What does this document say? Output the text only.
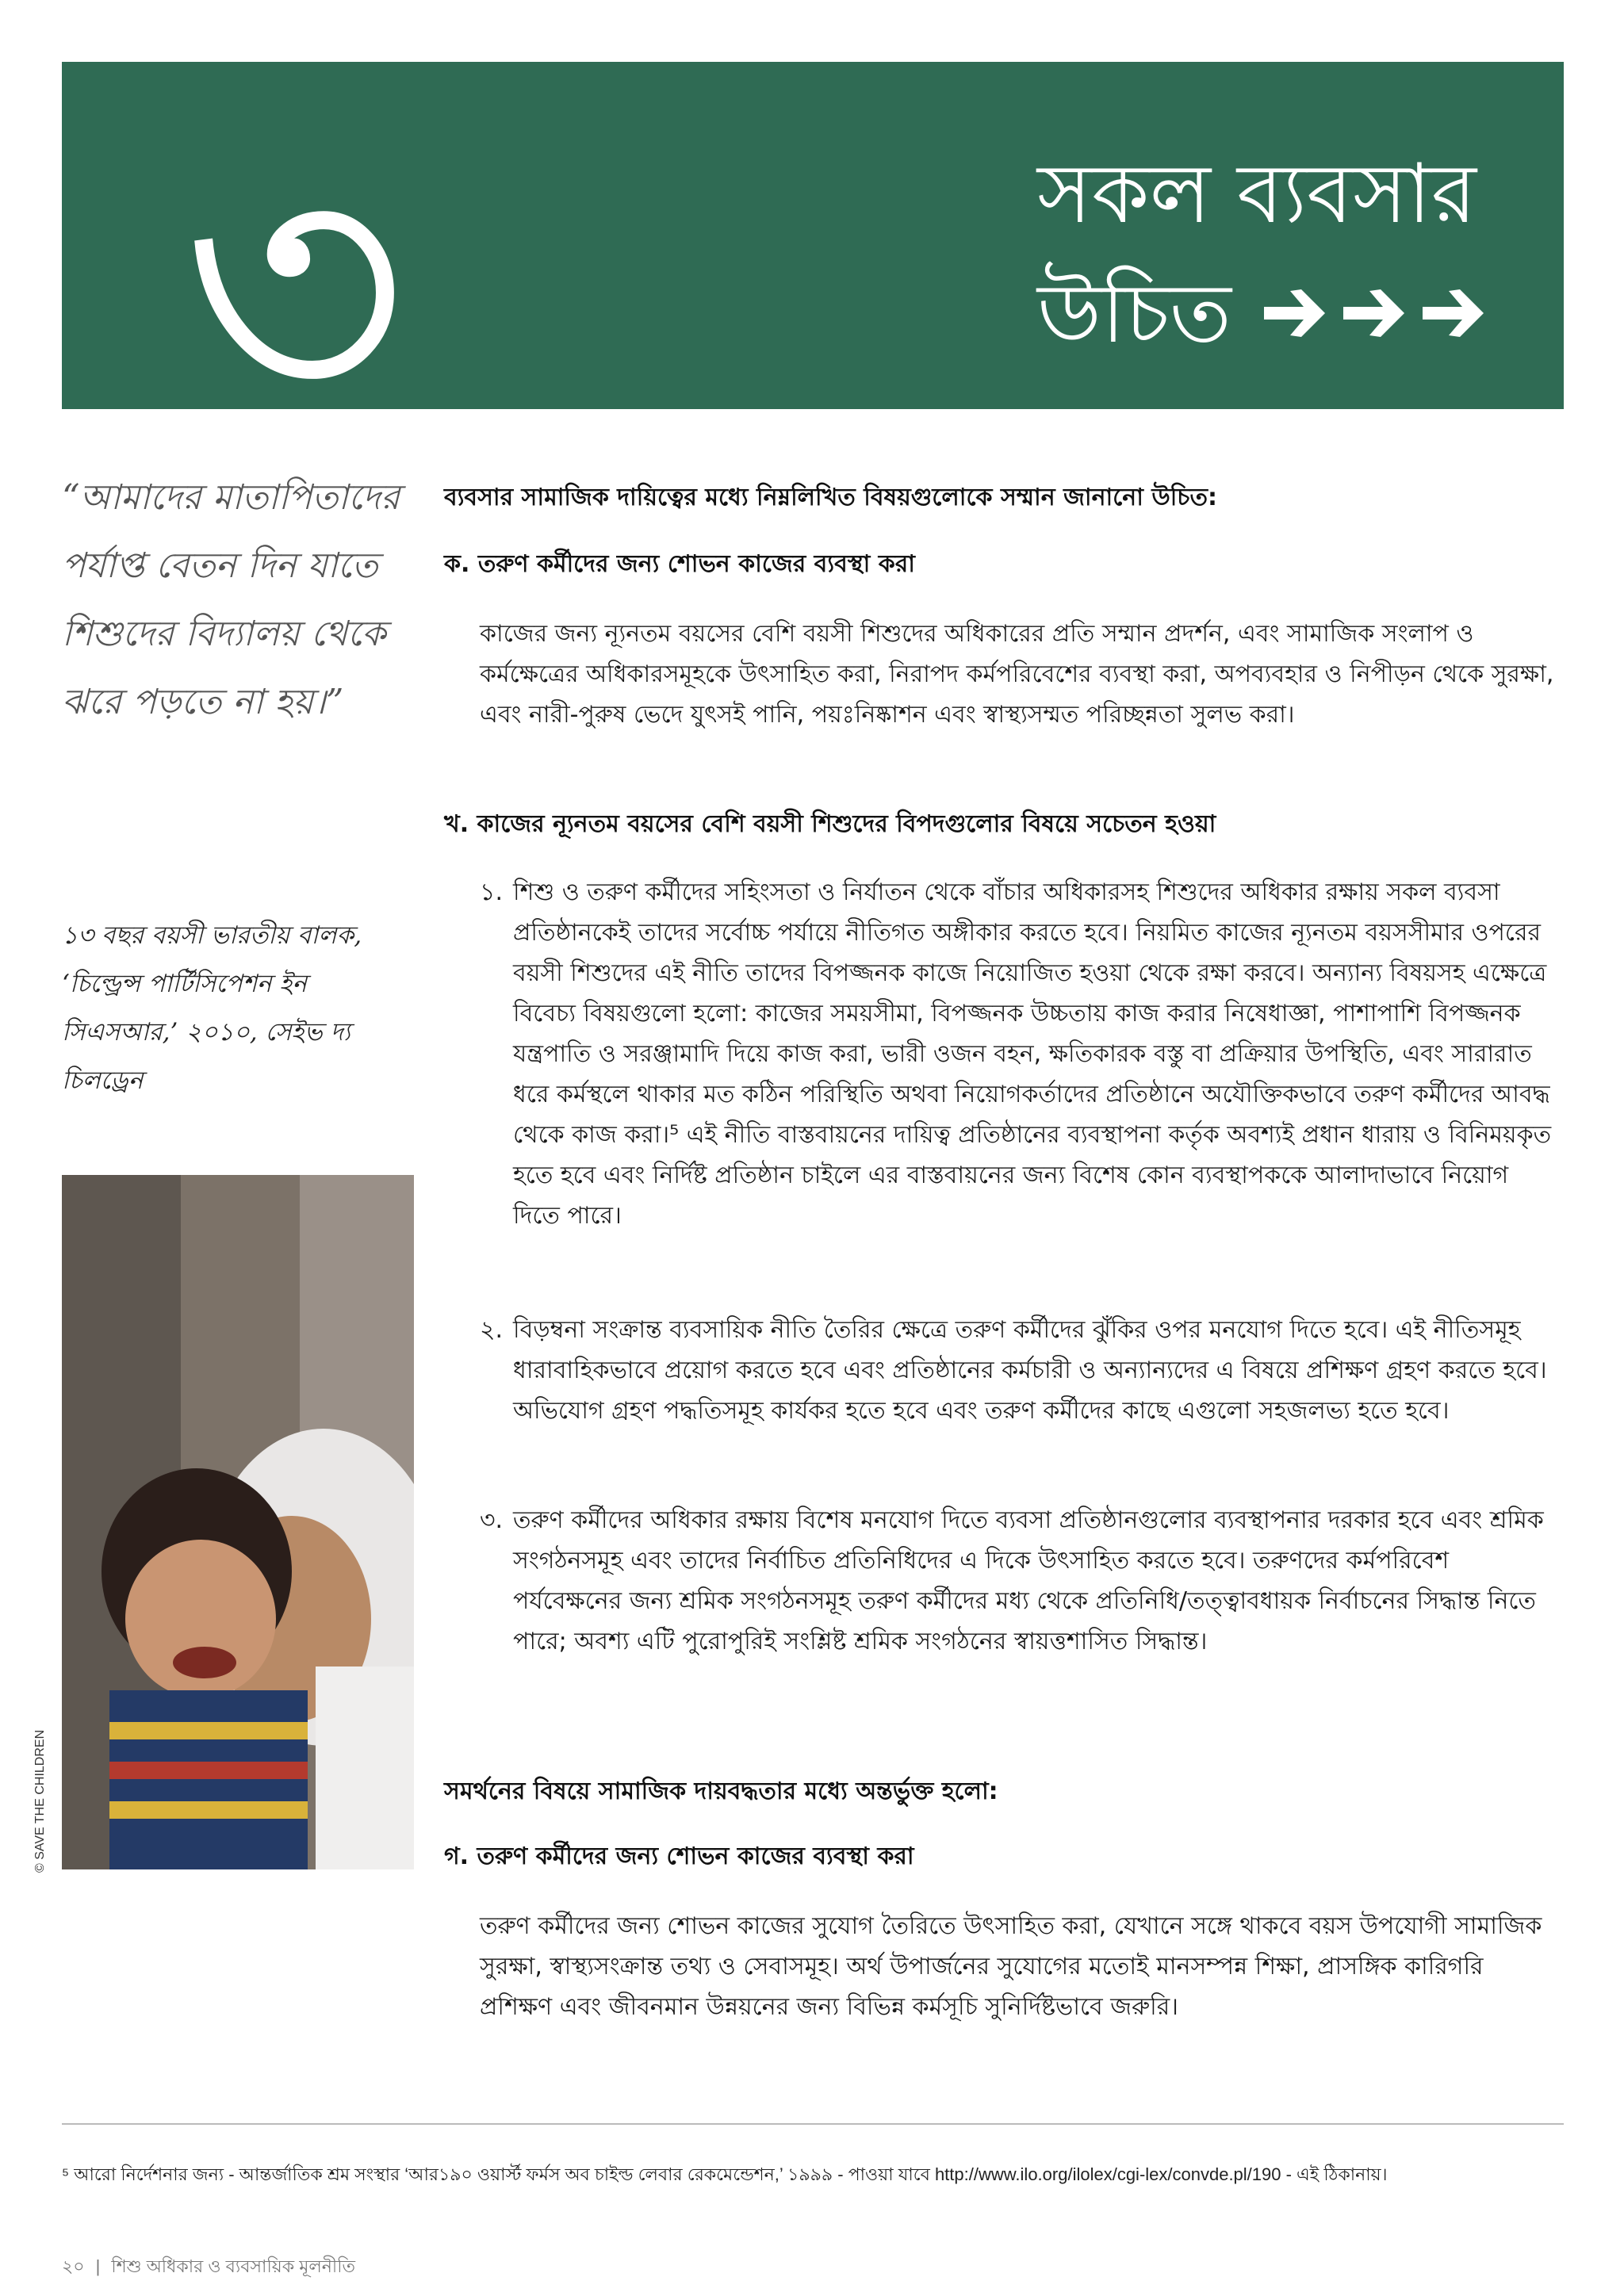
৩	সকল ব্যবসার
উচিত
“আমাদের মাতাপিতাদের পর্যাপ্ত বেতন দিন যাতে শিশুদের বিদ্যালয় থেকে ঝরে পড়তে না হয়।”
১৩ বছর বয়সী ভারতীয় বালক, ‘চিল্ড্রেন্স পার্টিসিপেশন ইন সিএসআর,’ ২০১০, সেইভ দ্য চিলড্রেন
© SAVE THE CHILDREN

ব্যবসার সামাজিক দায়িত্বের মধ্যে নিম্নলিখিত বিষয়গুলোকে সম্মান জানানো উচিত:

ক. তরুণ কর্মীদের জন্য শোভন কাজের ব্যবস্থা করা

কাজের জন্য ন্যূনতম বয়সের বেশি বয়সী শিশুদের অধিকারের প্রতি সম্মান প্রদর্শন, এবং সামাজিক সংলাপ ও কর্মক্ষেত্রের অধিকারসমূহকে উৎসাহিত করা, নিরাপদ কর্মপরিবেশের ব্যবস্থা করা, অপব্যবহার ও নিপীড়ন থেকে সুরক্ষা, এবং নারী-পুরুষ ভেদে যুৎসই পানি, পয়ঃনিষ্কাশন এবং স্বাস্থ্যসম্মত পরিচ্ছন্নতা সুলভ করা।

খ. কাজের ন্যূনতম বয়সের বেশি বয়সী শিশুদের বিপদগুলোর বিষয়ে সচেতন হওয়া

১. শিশু ও তরুণ কর্মীদের সহিংসতা ও নির্যাতন থেকে বাঁচার অধিকারসহ শিশুদের অধিকার রক্ষায় সকল ব্যবসা প্রতিষ্ঠানকেই তাদের সর্বোচ্চ পর্যায়ে নীতিগত অঙ্গীকার করতে হবে। নিয়মিত কাজের ন্যূনতম বয়সসীমার ওপরের বয়সী শিশুদের এই নীতি তাদের বিপজ্জনক কাজে নিয়োজিত হওয়া থেকে রক্ষা করবে। অন্যান্য বিষয়সহ এক্ষেত্রে বিবেচ্য বিষয়গুলো হলো: কাজের সময়সীমা, বিপজ্জনক উচ্চতায় কাজ করার নিষেধাজ্ঞা, পাশাপাশি বিপজ্জনক যন্ত্রপাতি ও সরঞ্জামাদি দিয়ে কাজ করা, ভারী ওজন বহন, ক্ষতিকারক বস্তু বা প্রক্রিয়ার উপস্থিতি, এবং সারারাত ধরে কর্মস্থলে থাকার মত কঠিন পরিস্থিতি অথবা নিয়োগকর্তাদের প্রতিষ্ঠানে অযৌক্তিকভাবে তরুণ কর্মীদের আবদ্ধ থেকে কাজ করা।⁵ এই নীতি বাস্তবায়নের দায়িত্ব প্রতিষ্ঠানের ব্যবস্থাপনা কর্তৃক অবশ্যই প্রধান ধারায় ও বিনিময়কৃত হতে হবে এবং নির্দিষ্ট প্রতিষ্ঠান চাইলে এর বাস্তবায়নের জন্য বিশেষ কোন ব্যবস্থাপককে আলাদাভাবে নিয়োগ দিতে পারে।
২. বিড়ম্বনা সংক্রান্ত ব্যবসায়িক নীতি তৈরির ক্ষেত্রে তরুণ কর্মীদের ঝুঁকির ওপর মনযোগ দিতে হবে। এই নীতিসমূহ ধারাবাহিকভাবে প্রয়োগ করতে হবে এবং প্রতিষ্ঠানের কর্মচারী ও অন্যান্যদের এ বিষয়ে প্রশিক্ষণ গ্রহণ করতে হবে। অভিযোগ গ্রহণ পদ্ধতিসমূহ কার্যকর হতে হবে এবং তরুণ কর্মীদের কাছে এগুলো সহজলভ্য হতে হবে।
৩. তরুণ কর্মীদের অধিকার রক্ষায় বিশেষ মনযোগ দিতে ব্যবসা প্রতিষ্ঠানগুলোর ব্যবস্থাপনার দরকার হবে এবং শ্রমিক সংগঠনসমূহ এবং তাদের নির্বাচিত প্রতিনিধিদের এ দিকে উৎসাহিত করতে হবে। তরুণদের কর্মপরিবেশ পর্যবেক্ষনের জন্য শ্রমিক সংগঠনসমূহ তরুণ কর্মীদের মধ্য থেকে প্রতিনিধি/তত্ত্বাবধায়ক নির্বাচনের সিদ্ধান্ত নিতে পারে; অবশ্য এটি পুরোপুরিই সংশ্লিষ্ট শ্রমিক সংগঠনের স্বায়ত্তশাসিত সিদ্ধান্ত।

সমর্থনের বিষয়ে সামাজিক দায়বদ্ধতার মধ্যে অন্তর্ভুক্ত হলো:

গ. তরুণ কর্মীদের জন্য শোভন কাজের ব্যবস্থা করা

তরুণ কর্মীদের জন্য শোভন কাজের সুযোগ তৈরিতে উৎসাহিত করা, যেখানে সঙ্গে থাকবে বয়স উপযোগী সামাজিক সুরক্ষা, স্বাস্থ্যসংক্রান্ত তথ্য ও সেবাসমূহ। অর্থ উপার্জনের সুযোগের মতোই মানসম্পন্ন শিক্ষা, প্রাসঙ্গিক কারিগরি প্রশিক্ষণ এবং জীবনমান উন্নয়নের জন্য বিভিন্ন কর্মসূচি সুনির্দিষ্টভাবে জরুরি।

⁵ আরো নির্দেশনার জন্য - আন্তর্জাতিক শ্রম সংস্থার ‘আর১৯০ ওয়ার্স্ট ফর্মস অব চাইল্ড লেবার রেকমেন্ডেশন,’ ১৯৯৯ - পাওয়া যাবে http://www.ilo.org/ilolex/cgi-lex/convde.pl/190 - এই ঠিকানায়।
২০ | শিশু অধিকার ও ব্যবসায়িক মূলনীতি
